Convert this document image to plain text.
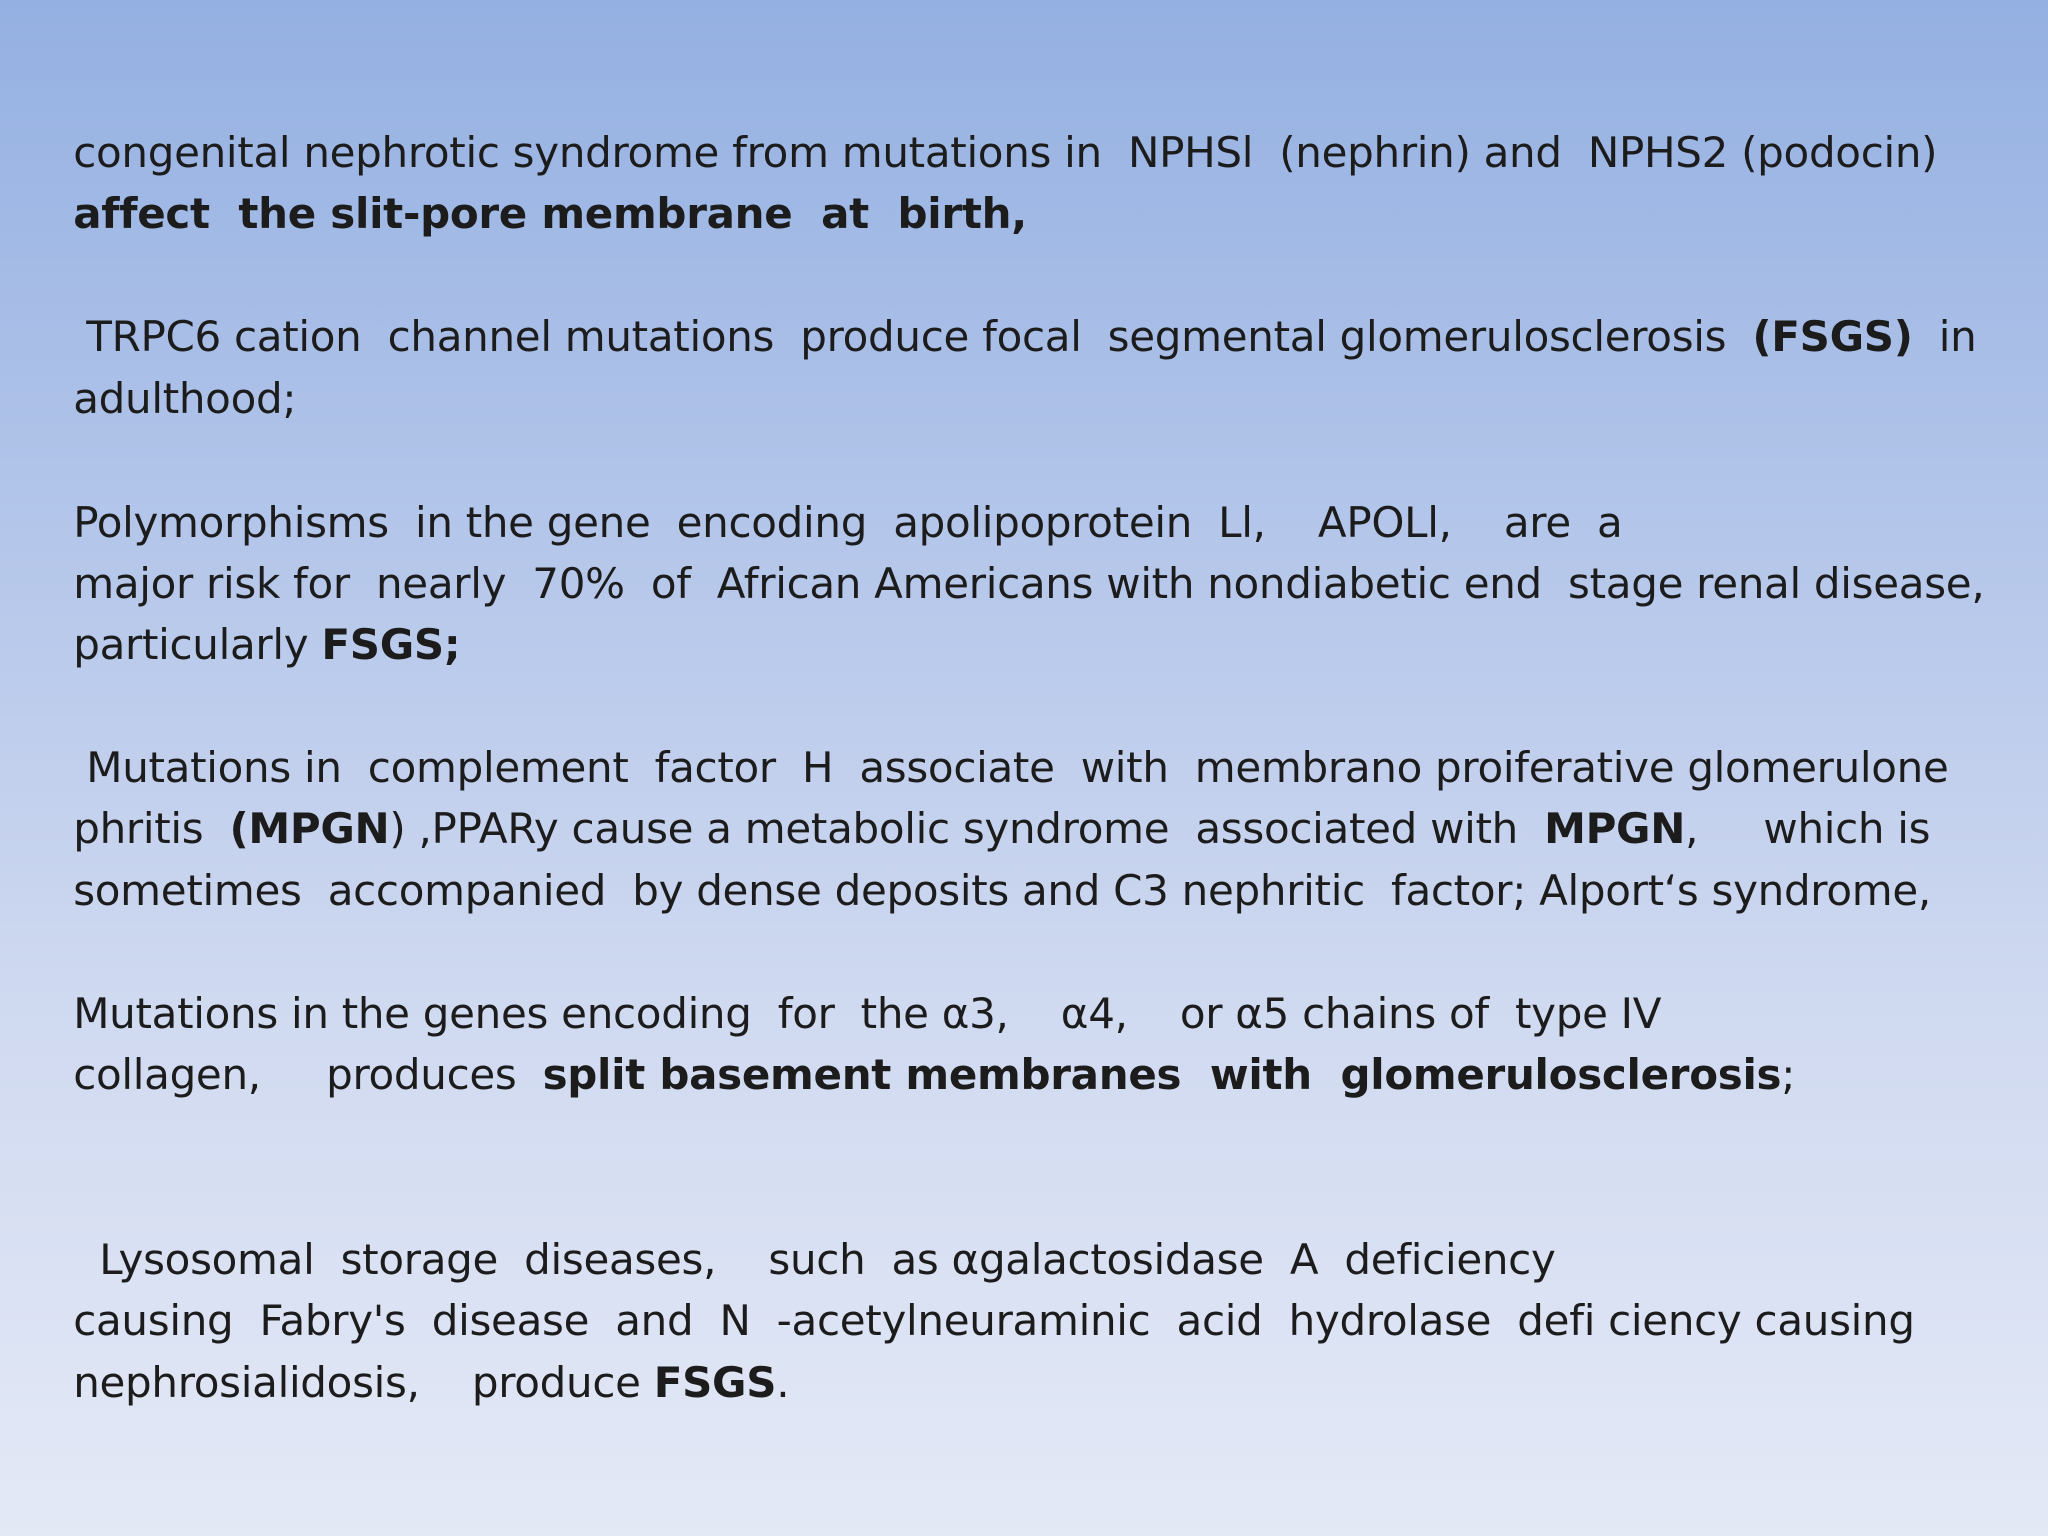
congenital nephrotic syndrome from mutations in  NPHSl  (nephrin) and  NPHS2 (podocin)

affect  the slit-pore membrane  at  birth,

TRPC6 cation  channel mutations  produce focal  segmental glomerulosclerosis  (FSGS)  in

adulthood;

Polymorphisms  in the gene  encoding  apolipoprotein  Ll,    APOLl,    are  a

major risk for  nearly  70%  of  African Americans with nondiabetic end  stage renal disease,

particularly FSGS;

Mutations in  complement  factor  H  associate  with  membrano proiferative glomerulone

phritis  (MPGN) ,PPARy cause a metabolic syndrome  associated with  MPGN,     which is

sometimes  accompanied  by dense deposits and C3 nephritic  factor; Alport‘s syndrome,

Mutations in the genes encoding  for  the α3,    α4,    or α5 chains of  type IV

collagen,     produces  split basement membranes  with  glomerulosclerosis;

Lysosomal  storage  diseases,    such  as αgalactosidase  A  deficiency

causing  Fabry's  disease  and  N  -acetylneuraminic  acid  hydrolase  defi ciency causing

nephrosialidosis,    produce FSGS.
